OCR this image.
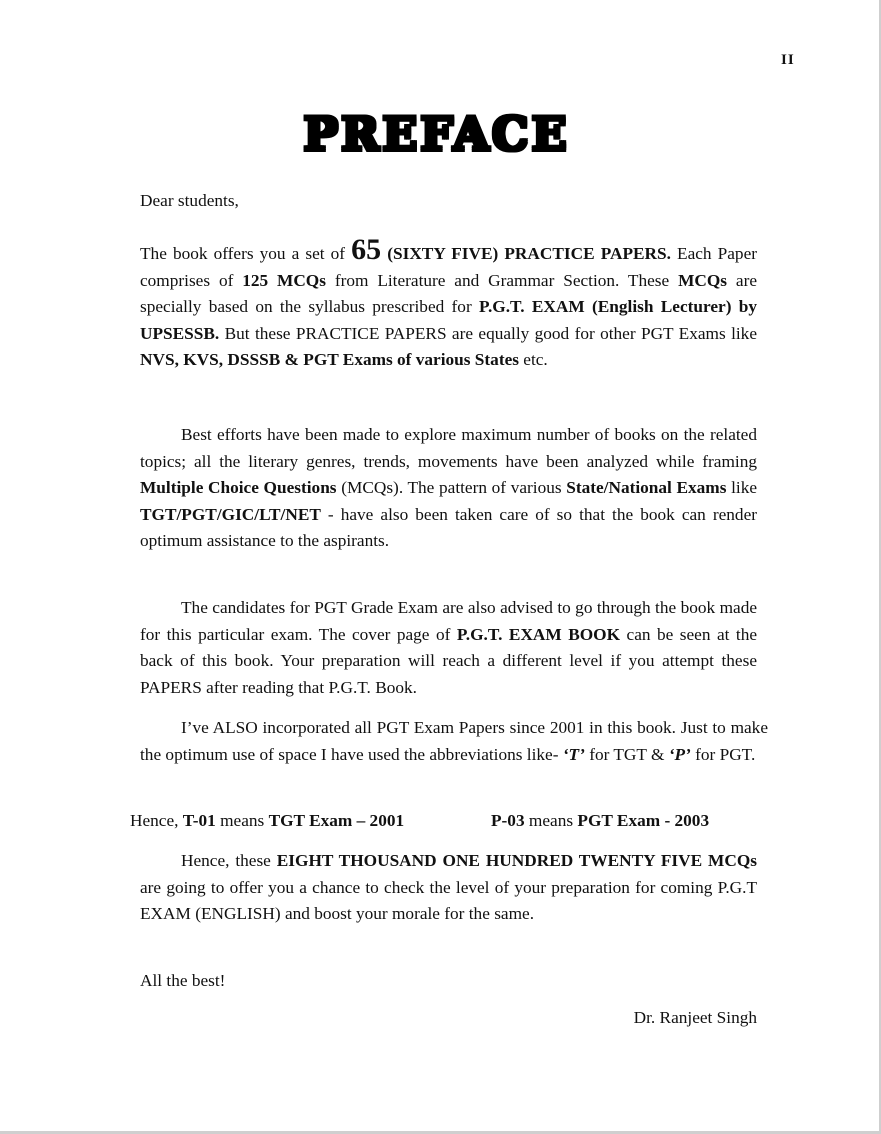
II
PREFACE

Dear students,

The book offers you a set of 65 (SIXTY FIVE) PRACTICE PAPERS. Each Paper comprises of 125 MCQs from Literature and Grammar Section. These MCQs are specially based on the syllabus prescribed for P.G.T. EXAM (English Lecturer) by UPSESSB. But these PRACTICE PAPERS are equally good for other PGT Exams like NVS, KVS, DSSSB & PGT Exams of various States etc.

Best efforts have been made to explore maximum number of books on the related topics; all the literary genres, trends, movements have been analyzed while framing Multiple Choice Questions (MCQs). The pattern of various State/National Exams like TGT/PGT/GIC/LT/NET - have also been taken care of so that the book can render optimum assistance to the aspirants.

The candidates for PGT Grade Exam are also advised to go through the book made for this particular exam. The cover page of P.G.T. EXAM BOOK can be seen at the back of this book. Your preparation will reach a different level if you attempt these PAPERS after reading that P.G.T. Book.

I’ve ALSO incorporated all PGT Exam Papers since 2001 in this book. Just to make the optimum use of space I have used the abbreviations like- ‘T’ for TGT & ‘P’ for PGT.

Hence, T-01 means TGT Exam – 2001	P-03 means PGT Exam - 2003

Hence, these EIGHT THOUSAND ONE HUNDRED TWENTY FIVE MCQs are going to offer you a chance to check the level of your preparation for coming P.G.T EXAM (ENGLISH) and boost your morale for the same.

All the best!

Dr. Ranjeet Singh
